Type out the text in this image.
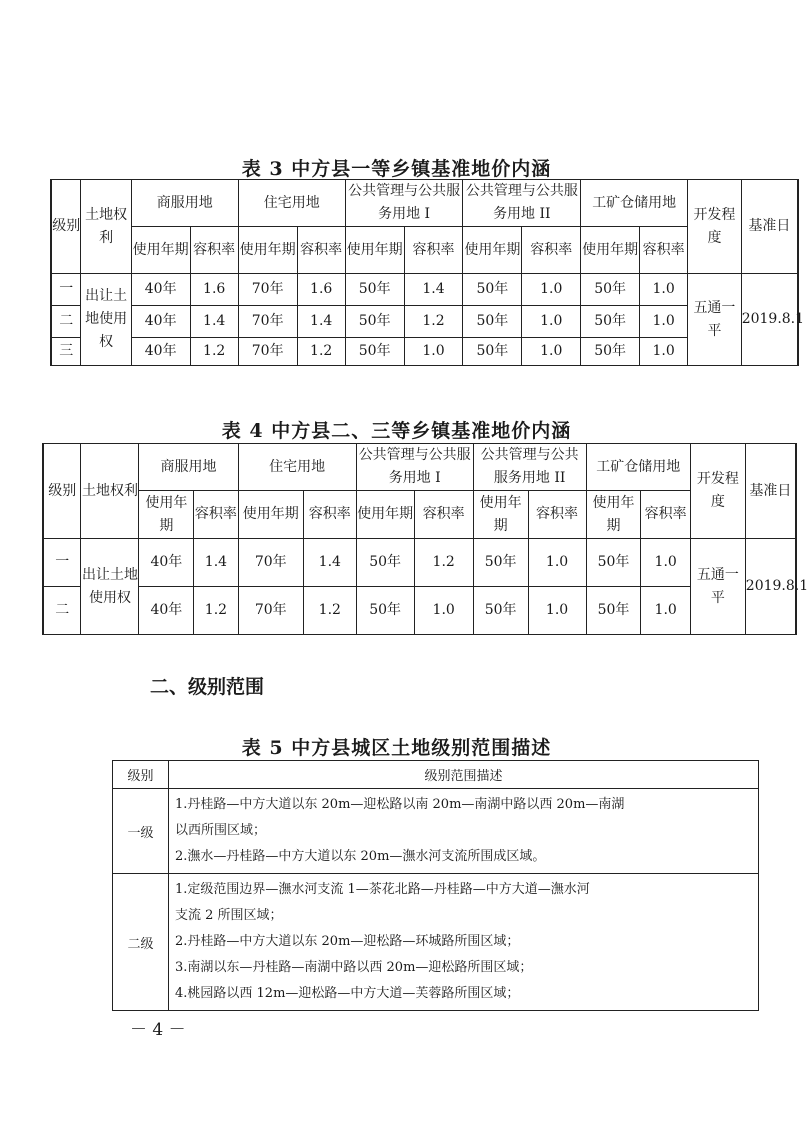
表 3 中方县一等乡镇基准地价内涵
级别	土地权利	商服用地		住宅用地		公共管理与公共服务用地 I		公共管理与公共服务用地 II		工矿仓储用地		开发程度	基准日
		使用年期	容积率	使用年期	容积率	使用年期	容积率	使用年期	容积率	使用年期	容积率		
一	出让土地使用权	40年	1.6	70年	1.6	50年	1.4	50年	1.0	50年	1.0	五通一平	2019.8.1
二		40年	1.4	70年	1.4	50年	1.2	50年	1.0	50年	1.0		
三		40年	1.2	70年	1.2	50年	1.0	50年	1.0	50年	1.0		
表 4 中方县二、三等乡镇基准地价内涵
级别	土地权利	商服用地		住宅用地		公共管理与公共服务用地 I		公共管理与公共服务用地 II		工矿仓储用地		开发程度	基准日
		使用年期	容积率	使用年期	容积率	使用年期	容积率	使用年期	容积率	使用年期	容积率		
一	出让土地使用权	40年	1.4	70年	1.4	50年	1.2	50年	1.0	50年	1.0	五通一平	2019.8.1
二		40年	1.2	70年	1.2	50年	1.0	50年	1.0	50年	1.0		
二、级别范围
表 5 中方县城区土地级别范围描述
级别	级别范围描述
一级	1.丹桂路—中方大道以东 20m—迎松路以南 20m—南湖中路以西 20m—南湖
以西所围区域；
2.潕水—丹桂路—中方大道以东 20m—潕水河支流所围成区域。

二级	1.定级范围边界—潕水河支流 1—茶花北路—丹桂路—中方大道—潕水河
支流 2 所围区域；
2.丹桂路—中方大道以东 20m—迎松路—环城路所围区域；
3.南湖以东—丹桂路—南湖中路以西 20m—迎松路所围区域；
4.桃园路以西 12m—迎松路—中方大道—芙蓉路所围区域；
－ 4 －
